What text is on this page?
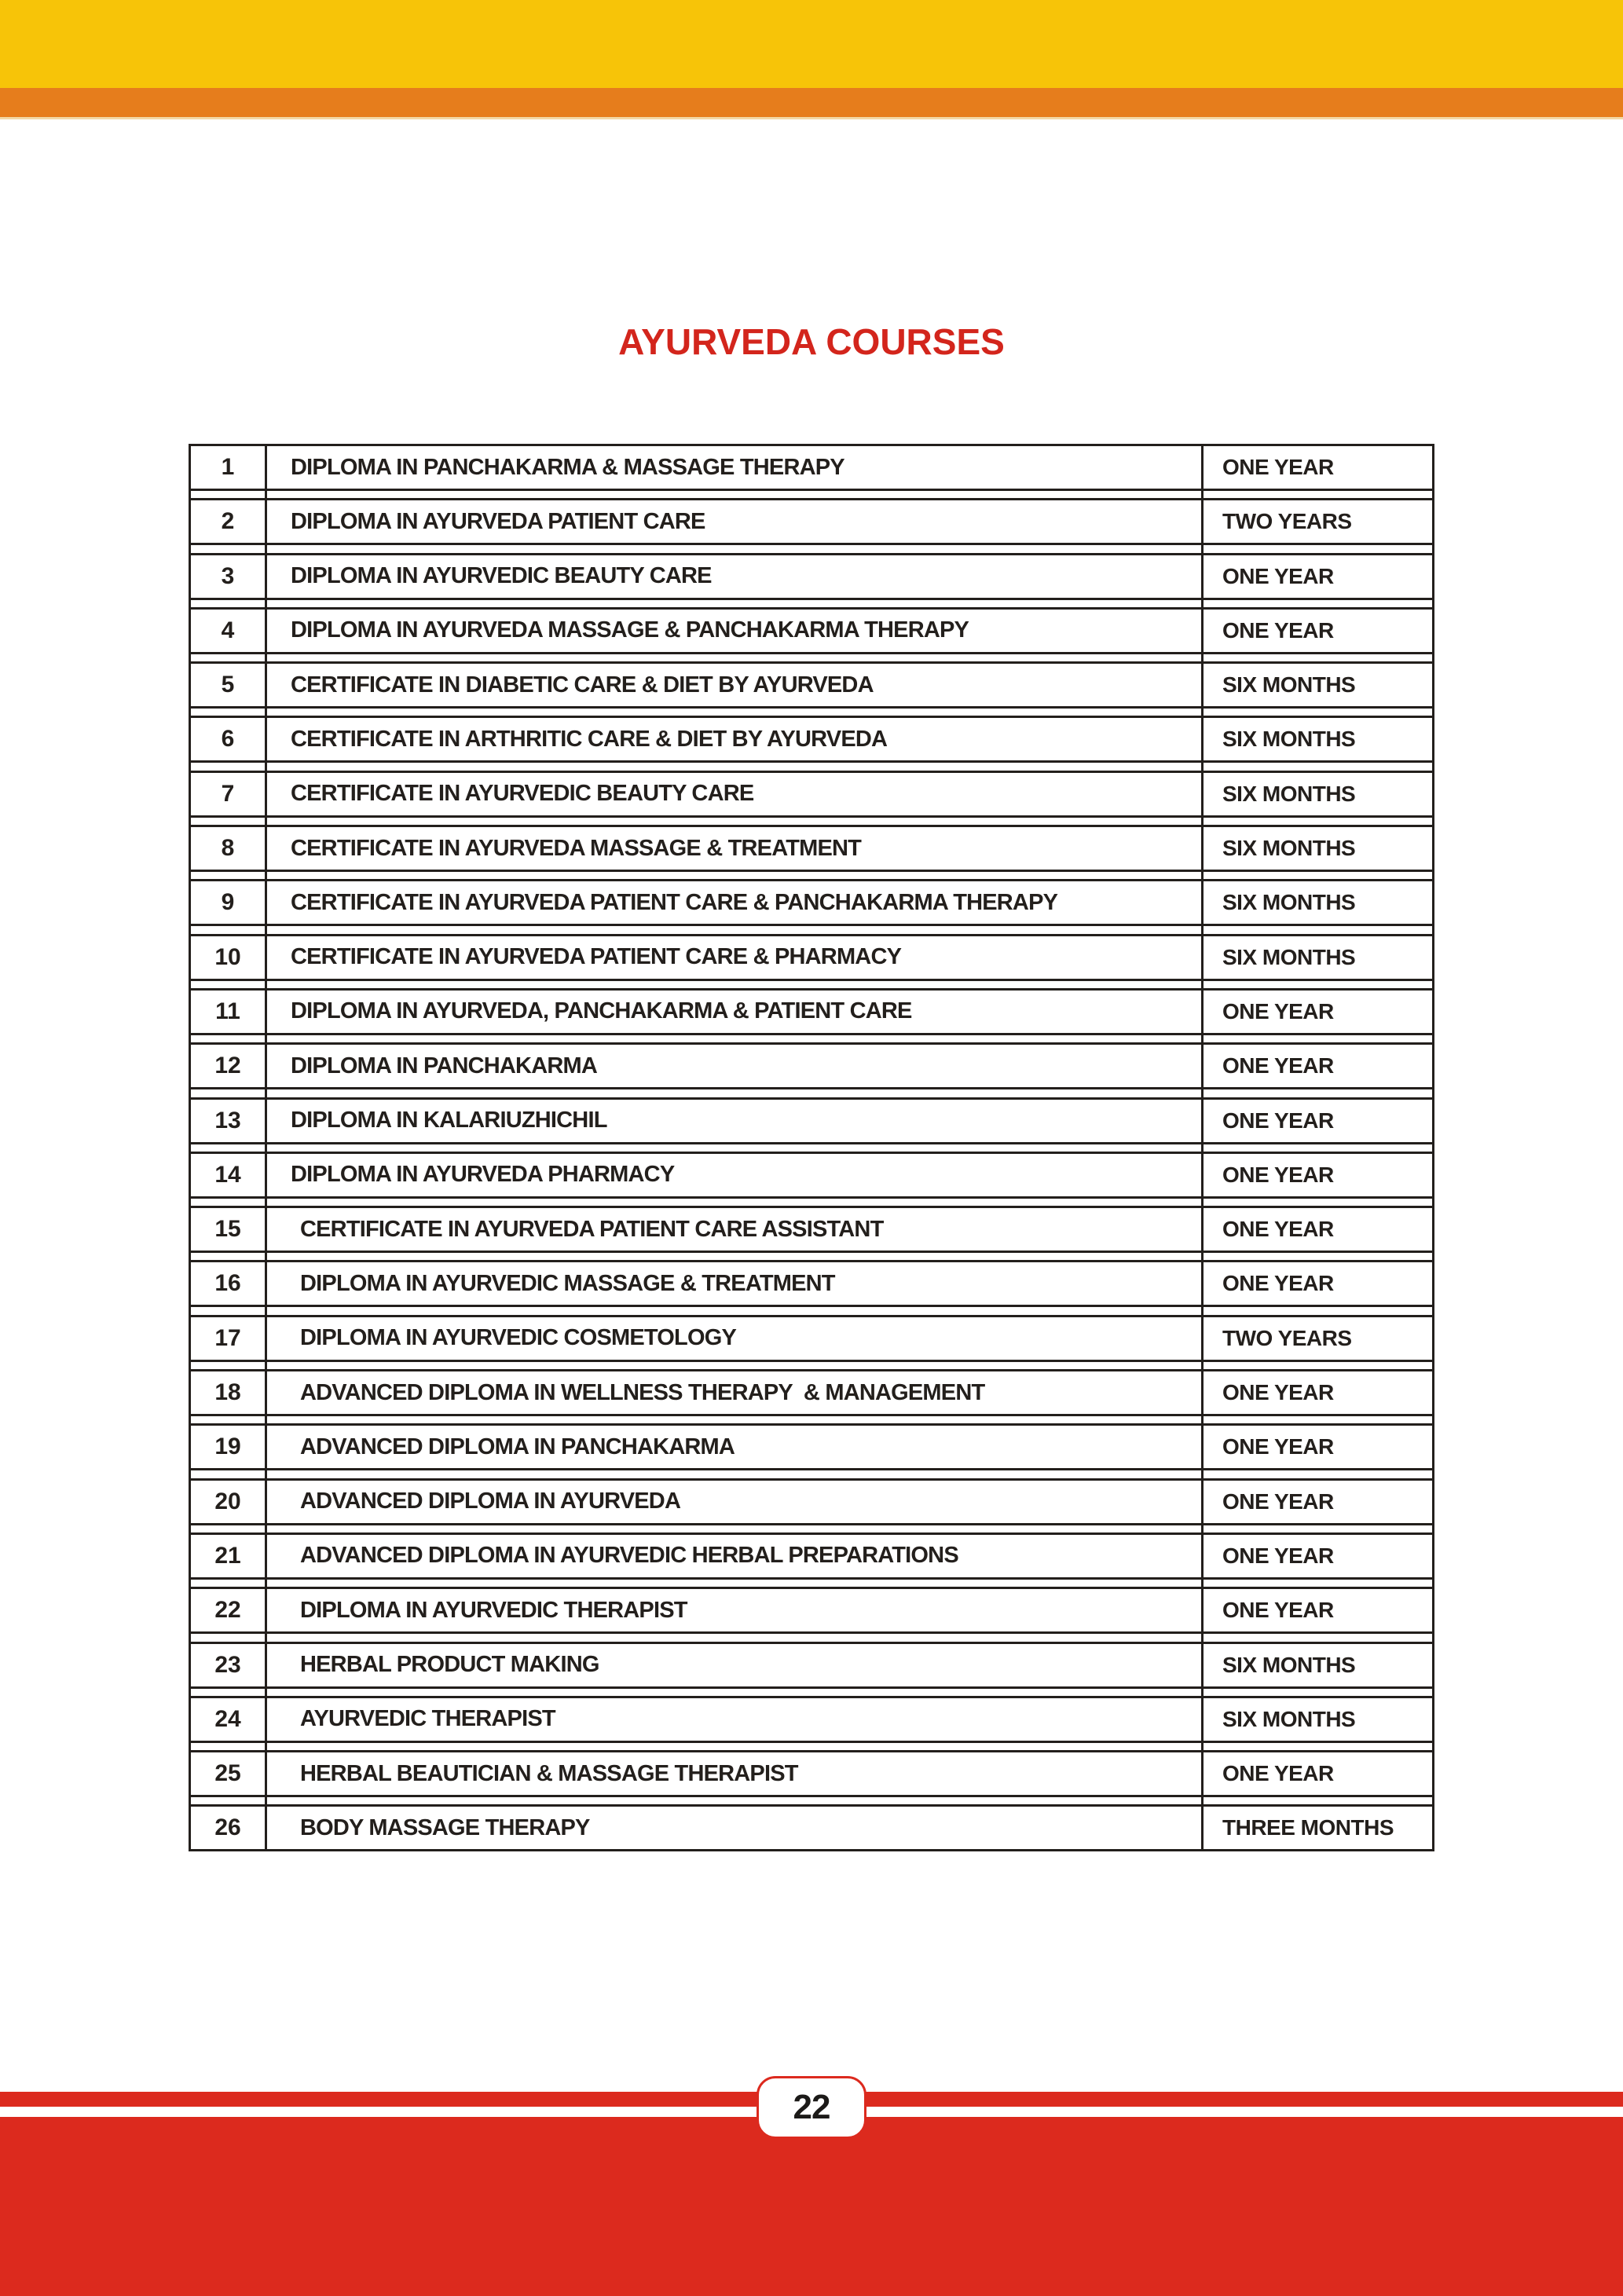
AYURVEDA COURSES
1	DIPLOMA IN PANCHAKARMA & MASSAGE THERAPY	ONE YEAR
2	DIPLOMA IN AYURVEDA PATIENT CARE	TWO YEARS
3	DIPLOMA IN AYURVEDIC BEAUTY CARE	ONE YEAR
4	DIPLOMA IN AYURVEDA MASSAGE & PANCHAKARMA THERAPY	ONE YEAR
5	CERTIFICATE IN DIABETIC CARE & DIET BY AYURVEDA	SIX MONTHS
6	CERTIFICATE IN ARTHRITIC CARE & DIET BY AYURVEDA	SIX MONTHS
7	CERTIFICATE IN AYURVEDIC BEAUTY CARE	SIX MONTHS
8	CERTIFICATE IN AYURVEDA MASSAGE & TREATMENT	SIX MONTHS
9	CERTIFICATE IN AYURVEDA PATIENT CARE & PANCHAKARMA THERAPY	SIX MONTHS
10	CERTIFICATE IN AYURVEDA PATIENT CARE & PHARMACY	SIX MONTHS
11	DIPLOMA IN AYURVEDA, PANCHAKARMA & PATIENT CARE	ONE YEAR
12	DIPLOMA IN PANCHAKARMA	ONE YEAR
13	DIPLOMA IN KALARIUZHICHIL	ONE YEAR
14	DIPLOMA IN AYURVEDA PHARMACY	ONE YEAR
15	CERTIFICATE IN AYURVEDA PATIENT CARE ASSISTANT	ONE YEAR
16	DIPLOMA IN AYURVEDIC MASSAGE & TREATMENT	ONE YEAR
17	DIPLOMA IN AYURVEDIC COSMETOLOGY	TWO YEARS
18	ADVANCED DIPLOMA IN WELLNESS THERAPY  & MANAGEMENT	ONE YEAR
19	ADVANCED DIPLOMA IN PANCHAKARMA	ONE YEAR
20	ADVANCED DIPLOMA IN AYURVEDA	ONE YEAR
21	ADVANCED DIPLOMA IN AYURVEDIC HERBAL PREPARATIONS	ONE YEAR
22	DIPLOMA IN AYURVEDIC THERAPIST	ONE YEAR
23	HERBAL PRODUCT MAKING	SIX MONTHS
24	AYURVEDIC THERAPIST	SIX MONTHS
25	HERBAL BEAUTICIAN & MASSAGE THERAPIST	ONE YEAR
26	BODY MASSAGE THERAPY	THREE MONTHS
22
